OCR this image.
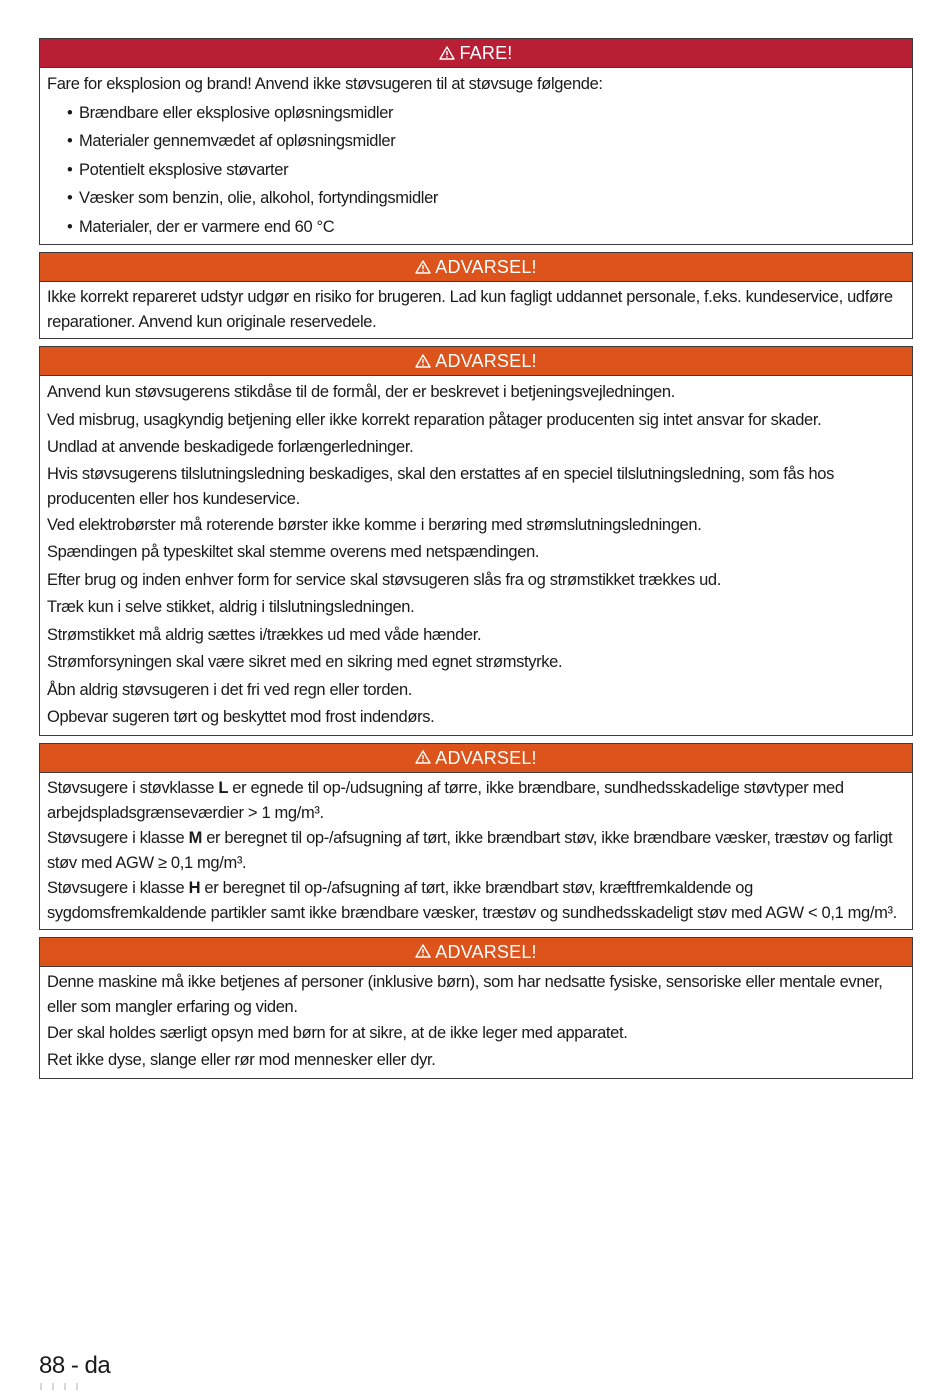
FARE!

Fare for eksplosion og brand! Anvend ikke støvsugeren til at støvsuge følgende:

• Brændbare eller eksplosive opløsningsmidler
• Materialer gennemvædet af opløsningsmidler
• Potentielt eksplosive støvarter
• Væsker som benzin, olie, alkohol, fortyndingsmidler
• Materialer, der er varmere end 60 °C
ADVARSEL!

Ikke korrekt repareret udstyr udgør en risiko for brugeren. Lad kun fagligt uddannet personale, f.eks. kundeservice, udføre reparationer. Anvend kun originale reservedele.

ADVARSEL!

Anvend kun støvsugerens stikdåse til de formål, der er beskrevet i betjeningsvejledningen.

Ved misbrug, usagkyndig betjening eller ikke korrekt reparation påtager producenten sig intet ansvar for skader.

Undlad at anvende beskadigede forlængerledninger.

Hvis støvsugerens tilslutningsledning beskadiges, skal den erstattes af en speciel tilslutningsledning, som fås hos producenten eller hos kundeservice.

Ved elektrobørster må roterende børster ikke komme i berøring med strømslutningsledningen.

Spændingen på typeskiltet skal stemme overens med netspændingen.

Efter brug og inden enhver form for service skal støvsugeren slås fra og strømstikket trækkes ud.

Træk kun i selve stikket, aldrig i tilslutningsledningen.

Strømstikket må aldrig sættes i/trækkes ud med våde hænder.

Strømforsyningen skal være sikret med en sikring med egnet strømstyrke.

Åbn aldrig støvsugeren i det fri ved regn eller torden.

Opbevar sugeren tørt og beskyttet mod frost indendørs.

ADVARSEL!

Støvsugere i støvklasse L er egnede til op-/udsugning af tørre, ikke brændbare, sundhedsskadelige støvtyper med arbejdspladsgrænseværdier > 1 mg/m³.

Støvsugere i klasse M er beregnet til op-/afsugning af tørt, ikke brændbart støv, ikke brændbare væsker, træstøv og farligt støv med AGW ≥ 0,1 mg/m³.

Støvsugere i klasse H er beregnet til op-/afsugning af tørt, ikke brændbart støv, kræftfremkaldende og sygdomsfremkaldende partikler samt ikke brændbare væsker, træstøv og sundhedsskadeligt støv med AGW < 0,1 mg/m³.

ADVARSEL!

Denne maskine må ikke betjenes af personer (inklusive børn), som har nedsatte fysiske, sensoriske eller mentale evner, eller som mangler erfaring og viden.

Der skal holdes særligt opsyn med børn for at sikre, at de ikke leger med apparatet.

Ret ikke dyse, slange eller rør mod mennesker eller dyr.

88 - da
